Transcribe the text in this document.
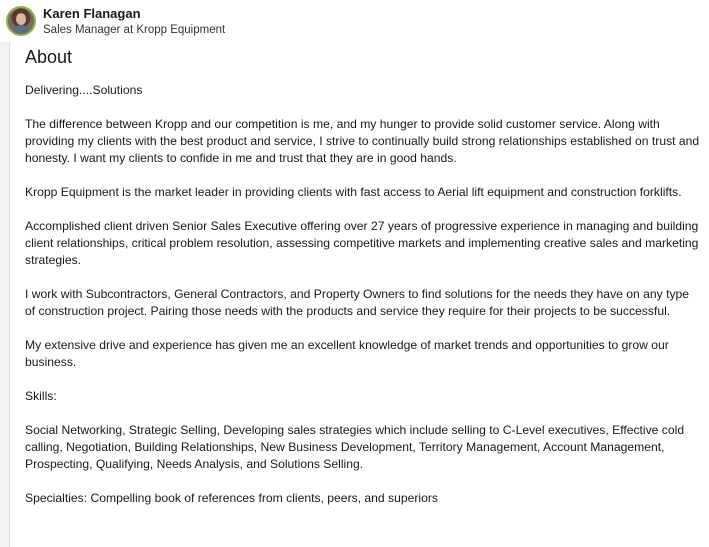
Karen Flanagan
Sales Manager at Kropp Equipment
About

Delivering....Solutions

The difference between Kropp and our competition is me, and my hunger to provide solid customer service. Along with providing my clients with the best product and service, I strive to continually build strong relationships established on trust and honesty. I want my clients to confide in me and trust that they are in good hands.

Kropp Equipment is the market leader in providing clients with fast access to Aerial lift equipment and construction forklifts.

Accomplished client driven Senior Sales Executive offering over 27 years of progressive experience in managing and building client relationships, critical problem resolution, assessing competitive markets and implementing creative sales and marketing strategies.

I work with Subcontractors, General Contractors, and Property Owners to find solutions for the needs they have on any type of construction project. Pairing those needs with the products and service they require for their projects to be successful.

My extensive drive and experience has given me an excellent knowledge of market trends and opportunities to grow our business.

Skills:

Social Networking, Strategic Selling, Developing sales strategies which include selling to C-Level executives, Effective cold calling, Negotiation, Building Relationships, New Business Development, Territory Management, Account Management, Prospecting, Qualifying, Needs Analysis, and Solutions Selling.

Specialties: Compelling book of references from clients, peers, and superiors
